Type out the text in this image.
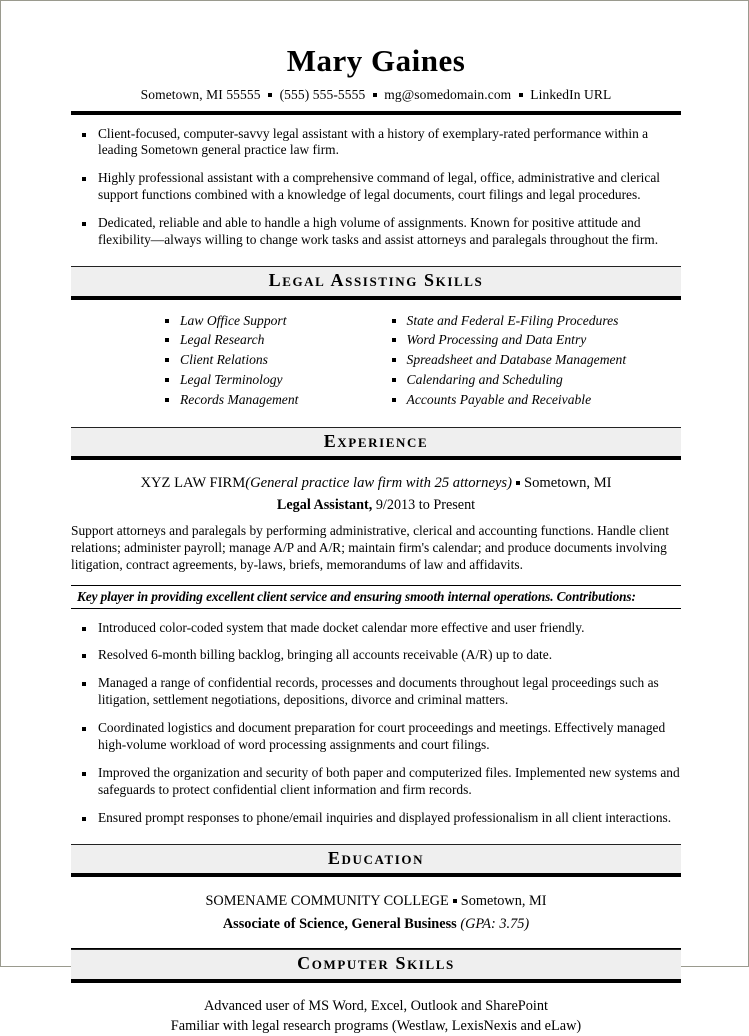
Mary Gaines
Sometown, MI 55555 (555) 555-5555 mg@somedomain.com LinkedIn URL
Client-focused, computer-savvy legal assistant with a history of exemplary-rated performance within a leading Sometown general practice law firm.
Highly professional assistant with a comprehensive command of legal, office, administrative and clerical support functions combined with a knowledge of legal documents, court filings and legal procedures.
Dedicated, reliable and able to handle a high volume of assignments. Known for positive attitude and flexibility—always willing to change work tasks and assist attorneys and paralegals throughout the firm.
Legal Assisting Skills
Law Office Support
Legal Research
Client Relations
Legal Terminology
Records Management
State and Federal E-Filing Procedures
Word Processing and Data Entry
Spreadsheet and Database Management
Calendaring and Scheduling
Accounts Payable and Receivable
Experience
XYZ LAW FIRM(General practice law firm with 25 attorneys) Sometown, MI
Legal Assistant, 9/2013 to Present
Support attorneys and paralegals by performing administrative, clerical and accounting functions. Handle client relations; administer payroll; manage A/P and A/R; maintain firm's calendar; and produce documents involving litigation, contract agreements, by-laws, briefs, memorandums of law and affidavits.
Key player in providing excellent client service and ensuring smooth internal operations. Contributions:
Introduced color-coded system that made docket calendar more effective and user friendly.
Resolved 6-month billing backlog, bringing all accounts receivable (A/R) up to date.
Managed a range of confidential records, processes and documents throughout legal proceedings such as litigation, settlement negotiations, depositions, divorce and criminal matters.
Coordinated logistics and document preparation for court proceedings and meetings. Effectively managed high-volume workload of word processing assignments and court filings.
Improved the organization and security of both paper and computerized files. Implemented new systems and safeguards to protect confidential client information and firm records.
Ensured prompt responses to phone/email inquiries and displayed professionalism in all client interactions.
Education
SOMENAME COMMUNITY COLLEGE Sometown, MI
Associate of Science, General Business (GPA: 3.75)
Computer Skills
Advanced user of MS Word, Excel, Outlook and SharePoint
Familiar with legal research programs (Westlaw, LexisNexis and eLaw)
